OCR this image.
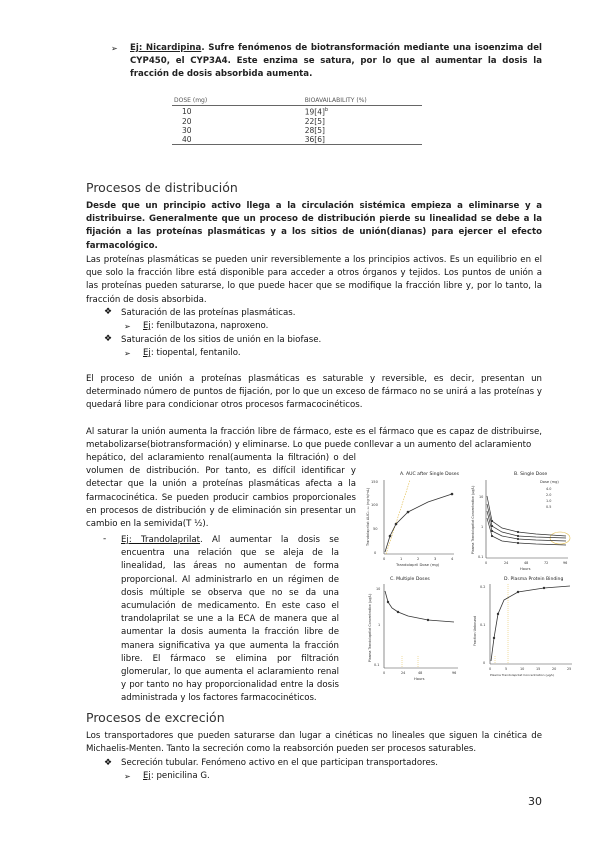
➢ Ej: Nicardipina. Sufre fenómenos de biotransformación mediante una isoenzima del CYP450, el CYP3A4. Este enzima se satura, por lo que al aumentar la dosis la fracción de dosis absorbida aumenta.

DOSE (mg)	BIOAVAILABILITY (%)
10	$19[4]^b$
20	22[5]
30	28[5]
40	36[6]
Procesos de distribución

Desde que un principio activo llega a la circulación sistémica empieza a eliminarse y a distribuirse. Generalmente que un proceso de distribución pierde su linealidad se debe a la fijación a las proteínas plasmáticas y a los sitios de unión(dianas) para ejercer el efecto farmacológico.

Las proteínas plasmáticas se pueden unir reversiblemente a los principios activos. Es un equilibrio en el que solo la fracción libre está disponible para acceder a otros órganos y tejidos. Los puntos de unión a las proteínas pueden saturarse, lo que puede hacer que se modifique la fracción libre y, por lo tanto, la fracción de dosis absorbida.

❖ Saturación de las proteínas plasmáticas.

➢ Ej: fenilbutazona, naproxeno.

❖ Saturación de los sitios de unión en la biofase.

➢ Ej: tiopental, fentanilo.

El proceso de unión a proteínas plasmáticas es saturable y reversible, es decir, presentan un determinado número de puntos de fijación, por lo que un exceso de fármaco no se unirá a las proteínas y quedará libre para condicionar otros procesos farmacocinéticos.

Al saturar la unión aumenta la fracción libre de fármaco, este es el fármaco que es capaz de distribuirse, metabolizarse(biotransformación) y eliminarse. Lo que puede conllevar a un aumento del aclaramiento

hepático, del aclaramiento renal(aumenta la filtración) o del volumen de distribución. Por tanto, es difícil identificar y detectar que la unión a proteínas plasmáticas afecta a la farmacocinética. Se pueden producir cambios proporcionales en procesos de distribución y de eliminación sin presentar un cambio en la semivida(T ½).

- Ej: Trandolaprilat. Al aumentar la dosis se encuentra una relación que se aleja de la linealidad, las áreas no aumentan de forma proporcional. Al administrarlo en un régimen de dosis múltiple se observa que no se da una acumulación de medicamento. En este caso el trandolaprilat se une a la ECA de manera que al aumentar la dosis aumenta la fracción libre de manera significativa ya que aumenta la fracción libre. El fármaco se elimina por filtración glomerular, lo que aumenta el aclaramiento renal y por tanto no hay proporcionalidad entre la dosis administrada y los factores farmacocinéticos.

A. AUC after Single Doses
0
50
100
150
0	1	2	3	4
Trandolapril Dose (mg)
Trandolaprilat AUC₀₋₉₆ (ng·h/mL)
B. Single Dose
Dose (mg)
4.0
2.0
1.0
0.5
0.1
1
10
0	24	48	72	96
Hours
Plasma Trandolaprilat Concentration (µg/L)
C. Multiple Doses
0.1
1
10
0	24	48	96
Hours
Plasma Trandolaprilat Concentration (µg/L)
D. Plasma Protein Binding
0
0.1
0.2
0	5	10	15	20	25
Plasma Trandolaprilat Concentration (µg/L)
Fraction Unbound
Procesos de excreción

Los transportadores que pueden saturarse dan lugar a cinéticas no lineales que siguen la cinética de Michaelis-Menten. Tanto la secreción como la reabsorción pueden ser procesos saturables.

❖ Secreción tubular. Fenómeno activo en el que participan transportadores.

➢ Ej: penicilina G.

30
